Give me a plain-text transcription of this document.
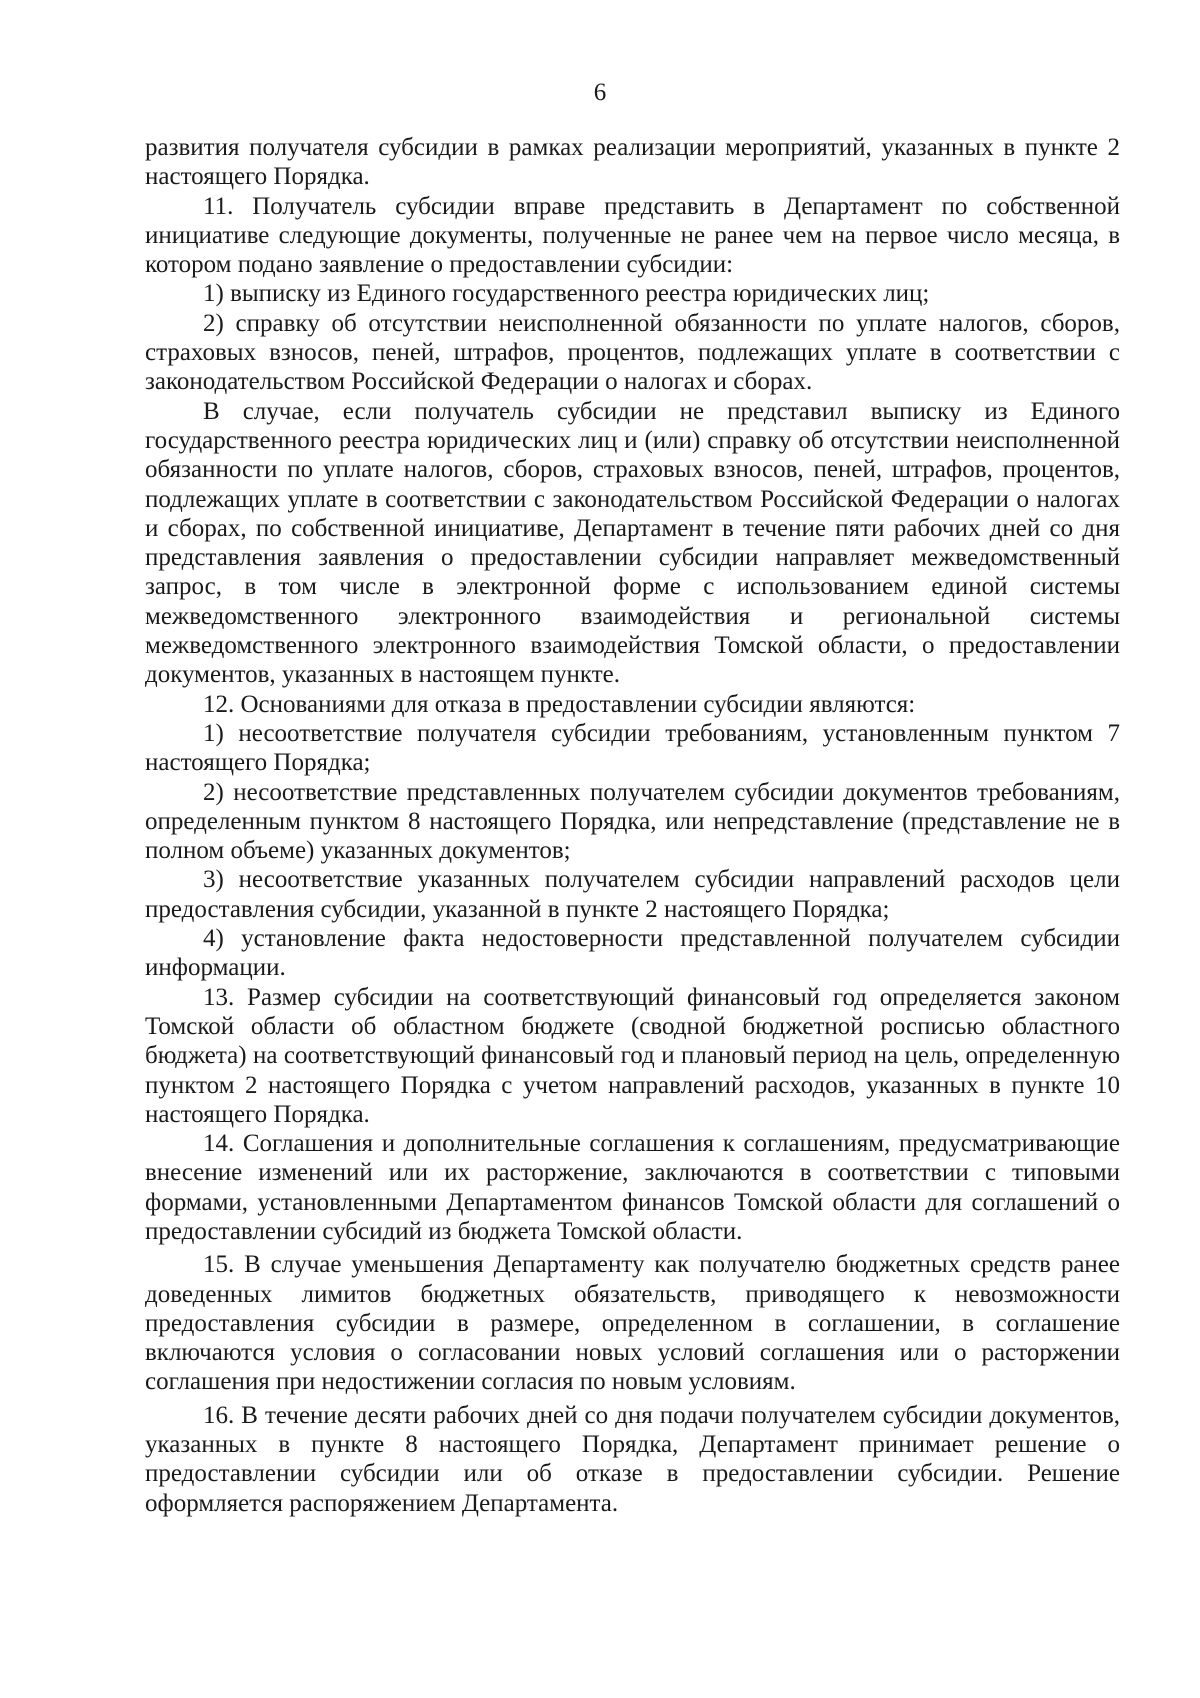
6

развития получателя субсидии в рамках реализации мероприятий, указанных в пункте 2 настоящего Порядка.

11. Получатель субсидии вправе представить в Департамент по собственной инициативе следующие документы, полученные не ранее чем на первое число месяца, в котором подано заявление о предоставлении субсидии:

1) выписку из Единого государственного реестра юридических лиц;

2) справку об отсутствии неисполненной обязанности по уплате налогов, сборов, страховых взносов, пеней, штрафов, процентов, подлежащих уплате в соответствии с законодательством Российской Федерации о налогах и сборах.

В случае, если получатель субсидии не представил выписку из Единого государственного реестра юридических лиц и (или) справку об отсутствии неисполненной обязанности по уплате налогов, сборов, страховых взносов, пеней, штрафов, процентов, подлежащих уплате в соответствии с законодательством Российской Федерации о налогах и сборах, по собственной инициативе, Департамент в течение пяти рабочих дней со дня представления заявления о предоставлении субсидии направляет межведомственный запрос, в том числе в электронной форме с использованием единой системы межведомственного электронного взаимодействия и региональной системы межведомственного электронного взаимодействия Томской области, о предоставлении документов, указанных в настоящем пункте.

12. Основаниями для отказа в предоставлении субсидии являются:

1) несоответствие получателя субсидии требованиям, установленным пунктом 7 настоящего Порядка;

2) несоответствие представленных получателем субсидии документов требованиям, определенным пунктом 8 настоящего Порядка, или непредставление (представление не в полном объеме) указанных документов;

3) несоответствие указанных получателем субсидии направлений расходов цели предоставления субсидии, указанной в пункте 2 настоящего Порядка;

4) установление факта недостоверности представленной получателем субсидии информации.

13. Размер субсидии на соответствующий финансовый год определяется законом Томской области об областном бюджете (сводной бюджетной росписью областного бюджета) на соответствующий финансовый год и плановый период на цель, определенную пунктом 2 настоящего Порядка с учетом направлений расходов, указанных в пункте 10 настоящего Порядка.

14. Соглашения и дополнительные соглашения к соглашениям, предусматривающие внесение изменений или их расторжение, заключаются в соответствии с типовыми формами, установленными Департаментом финансов Томской области для соглашений о предоставлении субсидий из бюджета Томской области.

15. В случае уменьшения Департаменту как получателю бюджетных средств ранее доведенных лимитов бюджетных обязательств, приводящего к невозможности предоставления субсидии в размере, определенном в соглашении, в соглашение включаются условия о согласовании новых условий соглашения или о расторжении соглашения при недостижении согласия по новым условиям.

16. В течение десяти рабочих дней со дня подачи получателем субсидии документов, указанных в пункте 8 настоящего Порядка, Департамент принимает решение о предоставлении субсидии или об отказе в предоставлении субсидии. Решение оформляется распоряжением Департамента.
